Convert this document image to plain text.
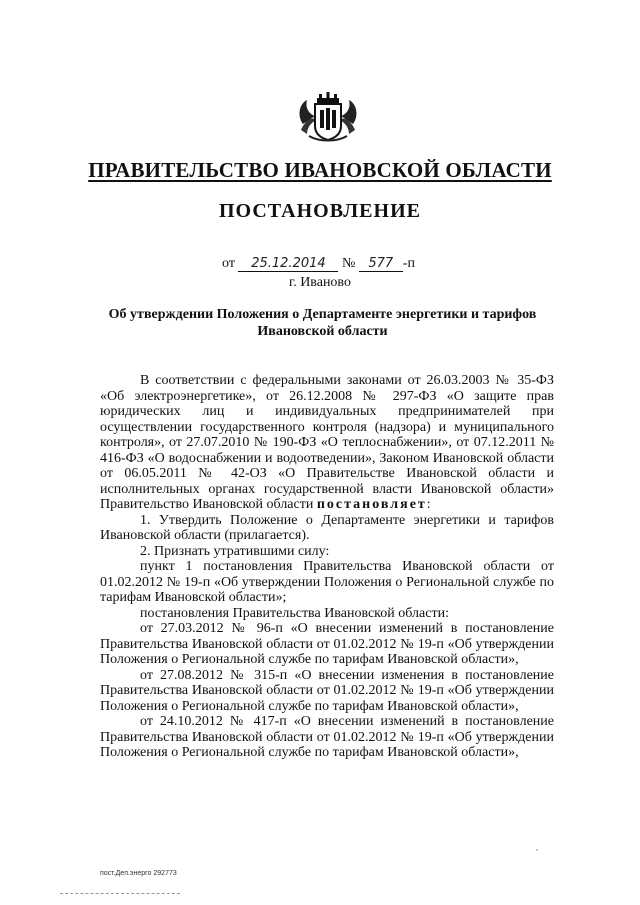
ПРАВИТЕЛЬСТВО ИВАНОВСКОЙ ОБЛАСТИ
ПОСТАНОВЛЕНИЕ
от 25.12.2014 № 577 -п
г. Иваново
Об утверждении Положения о Департаменте энергетики и тарифов Ивановской области

В соответствии с федеральными законами от 26.03.2003 № 35-ФЗ «Об электроэнергетике», от 26.12.2008 № 297-ФЗ «О защите прав юридических лиц и индивидуальных предпринимателей при осуществлении государственного контроля (надзора) и муниципального контроля», от 27.07.2010 № 190-ФЗ «О теплоснабжении», от 07.12.2011 № 416-ФЗ «О водоснабжении и водоотведении», Законом Ивановской области от 06.05.2011 № 42-ОЗ «О Правительстве Ивановской области и исполнительных органах государственной власти Ивановской области» Правительство Ивановской области постановляет:

1. Утвердить Положение о Департаменте энергетики и тарифов Ивановской области (прилагается).

2. Признать утратившими силу:

пункт 1 постановления Правительства Ивановской области от 01.02.2012 № 19-п «Об утверждении Положения о Региональной службе по тарифам Ивановской области»;

постановления Правительства Ивановской области:

от 27.03.2012 № 96-п «О внесении изменений в постановление Правительства Ивановской области от 01.02.2012 № 19-п «Об утверждении Положения о Региональной службе по тарифам Ивановской области»,

от 27.08.2012 № 315-п «О внесении изменения в постановление Правительства Ивановской области от 01.02.2012 № 19-п «Об утверждении Положения о Региональной службе по тарифам Ивановской области»,

от 24.10.2012 № 417-п «О внесении изменений в постановление Правительства Ивановской области от 01.02.2012 № 19-п «Об утверждении Положения о Региональной службе по тарифам Ивановской области»,

,
пост.Деп.энерго 292773
